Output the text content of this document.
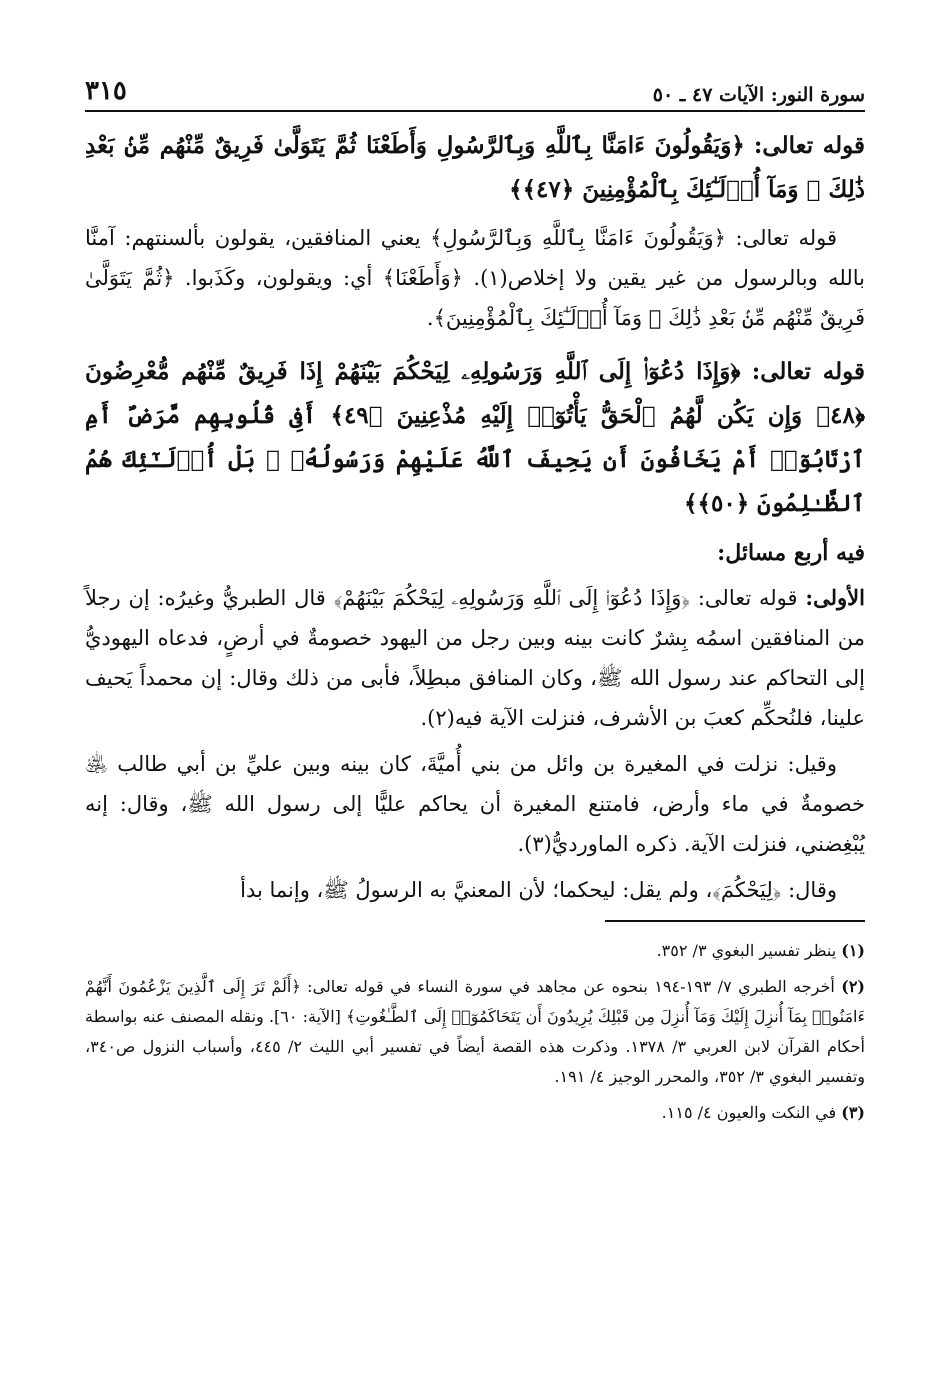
سورة النور: الآيات ٤٧ ـ ٥٠
٣١٥
قوله تعالى: ﴿وَيَقُولُونَ ءَامَنَّا بِٱللَّهِ وَبِٱلرَّسُولِ وَأَطَعْنَا ثُمَّ يَتَوَلَّىٰ فَرِيقٌ مِّنْهُم مِّنۢ بَعْدِ ذَٰلِكَ ۚ وَمَآ أُو۟لَـٰٓئِكَ بِٱلْمُؤْمِنِينَ ﴿٤٧﴾﴾

قوله تعالى: ﴿وَيَقُولُونَ ءَامَنَّا بِٱللَّهِ وَبِٱلرَّسُولِ﴾ يعني المنافقين، يقولون بألسنتهم: آمنَّا بالله وبالرسول من غير يقين ولا إخلاص(١). ﴿وَأَطَعْنَا﴾ أي: ويقولون، وكَذَبوا. ﴿ثُمَّ يَتَوَلَّىٰ فَرِيقٌ مِّنْهُم مِّنۢ بَعْدِ ذَٰلِكَ ۚ وَمَآ أُو۟لَـٰٓئِكَ بِٱلْمُؤْمِنِينَ﴾.

قوله تعالى: ﴿وَإِذَا دُعُوٓا۟ إِلَى ٱللَّهِ وَرَسُولِهِۦ لِيَحْكُمَ بَيْنَهُمْ إِذَا فَرِيقٌ مِّنْهُم مُّعْرِضُونَ ﴿٤٨﴾ وَإِن يَكُن لَّهُمُ ٱلْحَقُّ يَأْتُوٓا۟ إِلَيْهِ مُذْعِنِينَ ﴿٤٩﴾ أَفِى قُلُوبِهِم مَّرَضٌ أَمِ ٱرْتَابُوٓا۟ أَمْ يَخَافُونَ أَن يَحِيفَ ٱللَّهُ عَلَيْهِمْ وَرَسُولُهُۥ ۚ بَلْ أُو۟لَـٰٓئِكَ هُمُ ٱلظَّـٰلِمُونَ ﴿٥٠﴾﴾
فيه أربع مسائل:

الأولى: قوله تعالى: ﴿وَإِذَا دُعُوٓا۟ إِلَى ٱللَّهِ وَرَسُولِهِۦ لِيَحْكُمَ بَيْنَهُمْ﴾ قال الطبريُّ وغيرُه: إن رجلاً من المنافقين اسمُه بِشرٌ كانت بينه وبين رجل من اليهود خصومةٌ في أرضٍ، فدعاه اليهوديُّ إلى التحاكم عند رسول الله ﷺ، وكان المنافق مبطِلاً، فأبى من ذلك وقال: إن محمداً يَحيف علينا، فلنُحكِّم كعبَ بن الأشرف، فنزلت الآية فيه(٢).

وقيل: نزلت في المغيرة بن وائل من بني أُميَّةَ، كان بينه وبين عليِّ بن أبي طالب ﵁ خصومةٌ في ماء وأرض، فامتنع المغيرة أن يحاكم عليًّا إلى رسول الله ﷺ، وقال: إنه يُبْغِضني، فنزلت الآية. ذكره الماورديُّ(٣).

وقال: ﴿لِيَحْكُمَ﴾، ولم يقل: ليحكما؛ لأن المعنيَّ به الرسولُ ﷺ، وإنما بدأ

(١) ينظر تفسير البغوي ٣/ ٣٥٢.
(٢) أخرجه الطبري ٧/ ١٩٣-١٩٤ بنحوه عن مجاهد في سورة النساء في قوله تعالى: ﴿أَلَمْ تَرَ إِلَى ٱلَّذِينَ يَزْعُمُونَ أَنَّهُمْ ءَامَنُوا۟ بِمَآ أُنزِلَ إِلَيْكَ وَمَآ أُنزِلَ مِن قَبْلِكَ يُرِيدُونَ أَن يَتَحَاكَمُوٓا۟ إِلَى ٱلطَّـٰغُوتِ﴾ [الآية: ٦٠]. ونقله المصنف عنه بواسطة أحكام القرآن لابن العربي ٣/ ١٣٧٨. وذكرت هذه القصة أيضاً في تفسير أبي الليث ٢/ ٤٤٥، وأسباب النزول ص٣٤٠، وتفسير البغوي ٣/ ٣٥٢، والمحرر الوجيز ٤/ ١٩١.
(٣) في النكت والعيون ٤/ ١١٥.
